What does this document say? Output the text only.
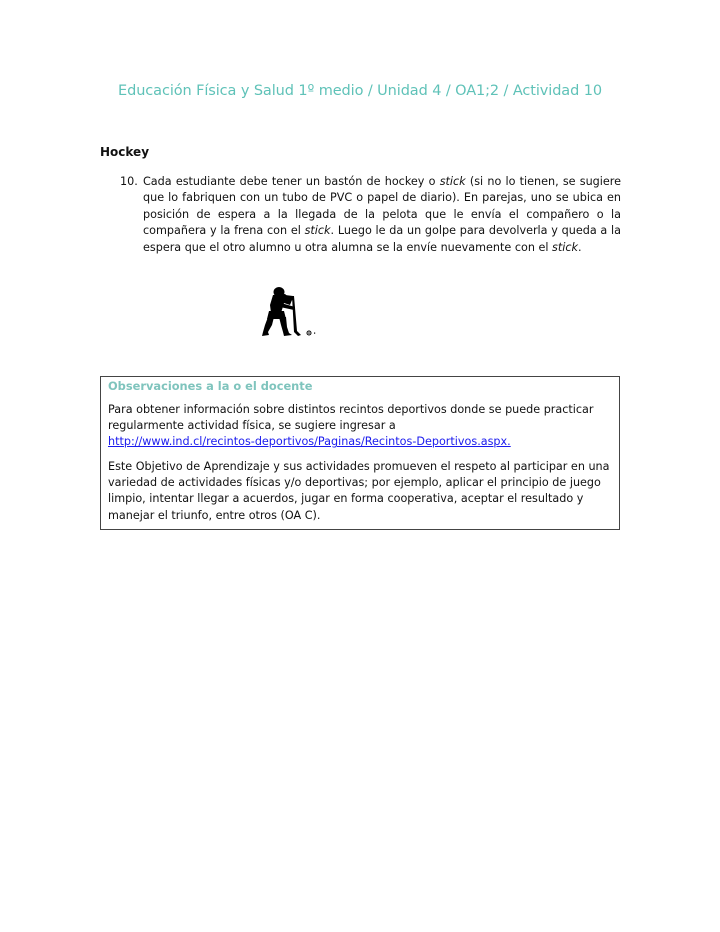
Educación Física y Salud 1º medio / Unidad 4 / OA1;2 / Actividad 10
Hockey
10. Cada estudiante debe tener un bastón de hockey o stick (si no lo tienen, se sugiere que lo fabriquen con un tubo de PVC o papel de diario). En parejas, uno se ubica en posición de espera a la llegada de la pelota que le envía el compañero o la compañera y la frena con el stick. Luego le da un golpe para devolverla y queda a la espera que el otro alumno u otra alumna se la envíe nuevamente con el stick.
Observaciones a la o el docente
Para obtener información sobre distintos recintos deportivos donde se puede practicar regularmente actividad física, se sugiere ingresar a
http://www.ind.cl/recintos-deportivos/Paginas/Recintos-Deportivos.aspx.
Este Objetivo de Aprendizaje y sus actividades promueven el respeto al participar en una variedad de actividades físicas y/o deportivas; por ejemplo, aplicar el principio de juego limpio, intentar llegar a acuerdos, jugar en forma cooperativa, aceptar el resultado y manejar el triunfo, entre otros (OA C).
